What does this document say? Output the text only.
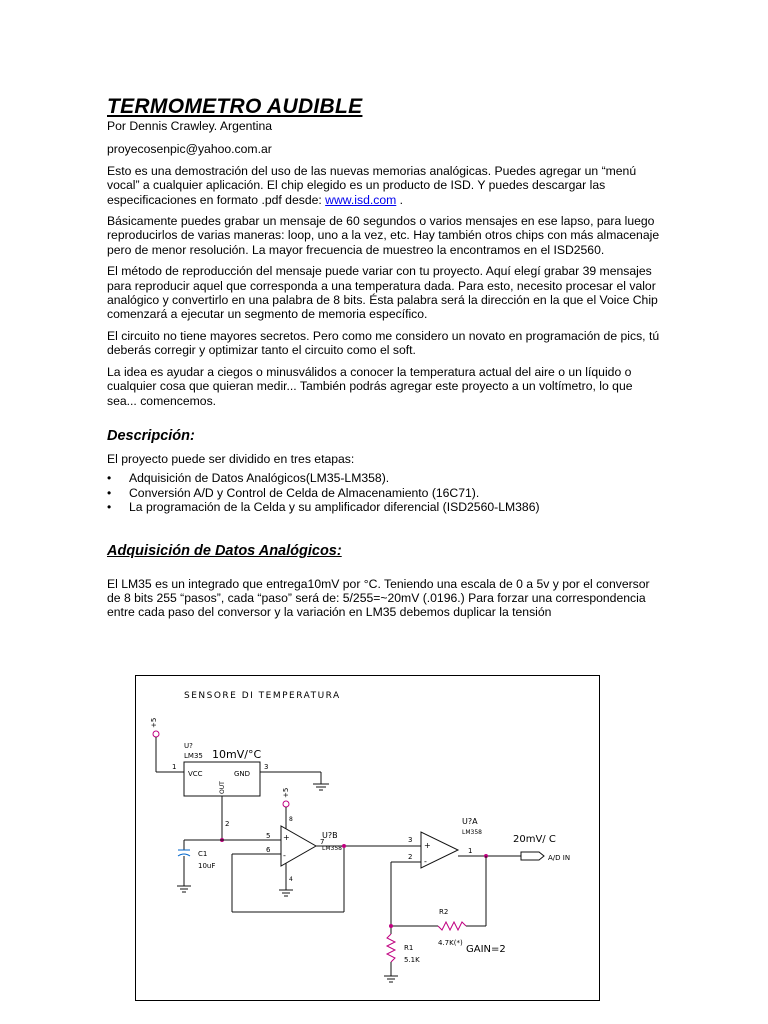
TERMOMETRO AUDIBLE

Por Dennis Crawley. Argentina

proyecosenpic@yahoo.com.ar

Esto es una demostración del uso de las nuevas memorias analógicas. Puedes agregar un “menú vocal” a cualquier aplicación. El chip elegido es un producto de ISD. Y puedes descargar las especificaciones en formato .pdf desde: www.isd.com .

Básicamente puedes grabar un mensaje de 60 segundos o varios mensajes en ese lapso, para luego reproducirlos de varias maneras: loop, uno a la vez, etc. Hay también otros chips con más almacenaje pero de menor resolución. La mayor frecuencia de muestreo la encontramos en el ISD2560.

El método de reproducción del mensaje puede variar con tu proyecto. Aquí elegí grabar 39 mensajes para reproducir aquel que corresponda a una temperatura dada. Para esto, necesito procesar el valor analógico y convertirlo en una palabra de 8 bits. Ésta palabra será la dirección en la que el Voice Chip comenzará a ejecutar un segmento de memoria específico.

El circuito no tiene mayores secretos. Pero como me considero un novato en programación de pics, tú deberás corregir y optimizar tanto el circuito como el soft.

La idea es ayudar a ciegos o minusválidos a conocer la temperatura actual del aire o un líquido o cualquier cosa que quieran medir... También podrás agregar este proyecto a un voltímetro, lo que sea... comencemos.

Descripción:

El proyecto puede ser dividido en tres etapas:

• Adquisición de Datos Analógicos(LM35-LM358).
• Conversión A/D y Control de Celda de Almacenamiento (16C71).
• La programación de la Celda y su amplificador diferencial (ISD2560-LM386)
Adquisición de Datos Analógicos:

El LM35 es un integrado que entrega10mV por °C. Teniendo una escala de 0 a 5v y por el conversor de 8 bits 255 “pasos”, cada “paso” será de: 5/255=~20mV (.0196.) Para forzar una correspondencia entre cada paso del conversor y la variación en LM35 debemos duplicar la tensión

SENSORE DI TEMPERATURA
+5
1
U?
LM35 10mV/°C
VCC	GND
OUT
3
2
C1
10uF
+
-
5
6
U?B
LM358
+5
8
4
7	3
+
-
2
U?A
LM358
1
20mV/ C
A/D IN
R2
4.7K(*)
GAIN=2
R1
5.1K
